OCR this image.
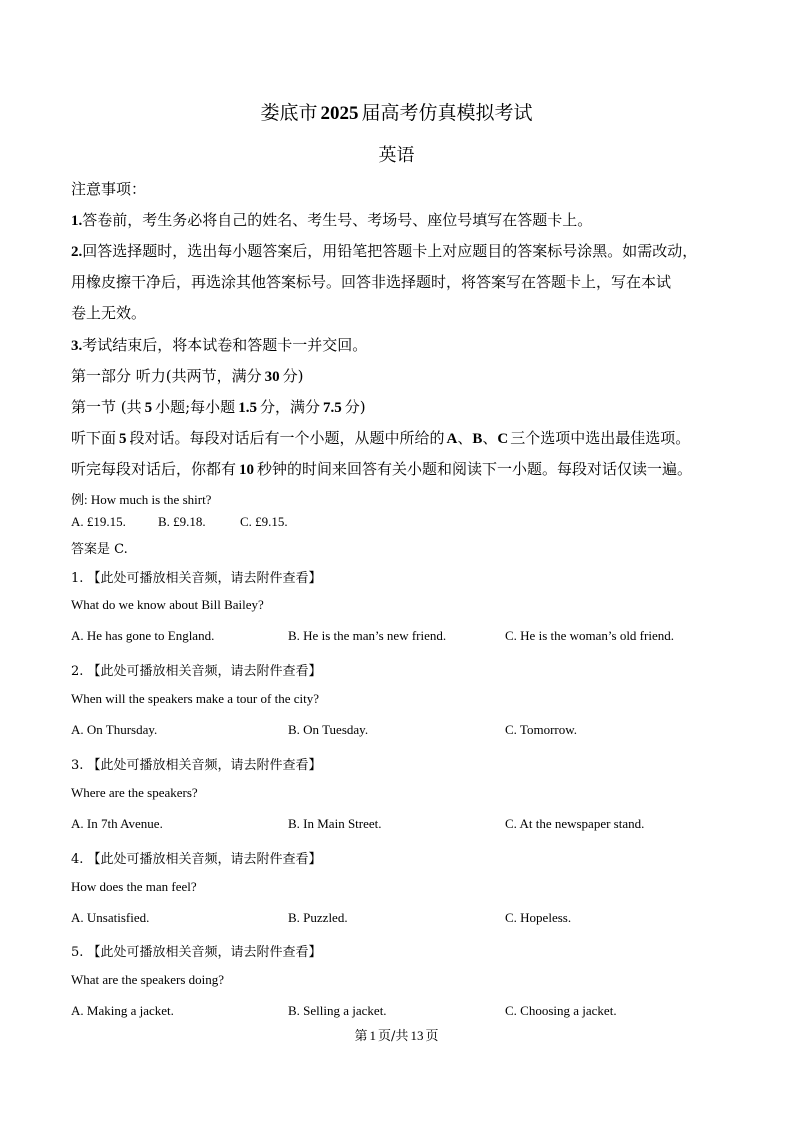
娄底市 2025 届高考仿真模拟考试
英语
注意事项：
1.答卷前，考生务必将自己的姓名、考生号、考场号、座位号填写在答题卡上。
2.回答选择题时，选出每小题答案后，用铅笔把答题卡上对应题目的答案标号涂黑。如需改动，
用橡皮擦干净后，再选涂其他答案标号。回答非选择题时，将答案写在答题卡上，写在本试
卷上无效。
3.考试结束后，将本试卷和答题卡一并交回。
第一部分 听力(共两节，满分 30 分)
第一节 (共 5 小题;每小题 1.5 分，满分 7.5 分)
听下面 5 段对话。每段对话后有一个小题，从题中所给的 A、B、C 三个选项中选出最佳选项。
听完每段对话后，你都有 10 秒钟的时间来回答有关小题和阅读下一小题。每段对话仅读一遍。
例: How much is the shirt?
A. £19.15. B. £9.18.	C. £9.15.
答案是 C.
1. 【此处可播放相关音频，请去附件查看】
What do we know about Bill Bailey?
A. He has gone to England.	B. He is the man’s new friend.	C. He is the woman’s old friend.
2. 【此处可播放相关音频，请去附件查看】
When will the speakers make a tour of the city?
A. On Thursday.	B. On Tuesday.	C. Tomorrow.
3. 【此处可播放相关音频，请去附件查看】
Where are the speakers?
A. In 7th Avenue.	B. In Main Street.	C. At the newspaper stand.
4. 【此处可播放相关音频，请去附件查看】
How does the man feel?
A. Unsatisfied.	B. Puzzled.	C. Hopeless.
5. 【此处可播放相关音频，请去附件查看】
What are the speakers doing?
A. Making a jacket.	B. Selling a jacket.	C. Choosing a jacket.
第 1 页/共 13 页
